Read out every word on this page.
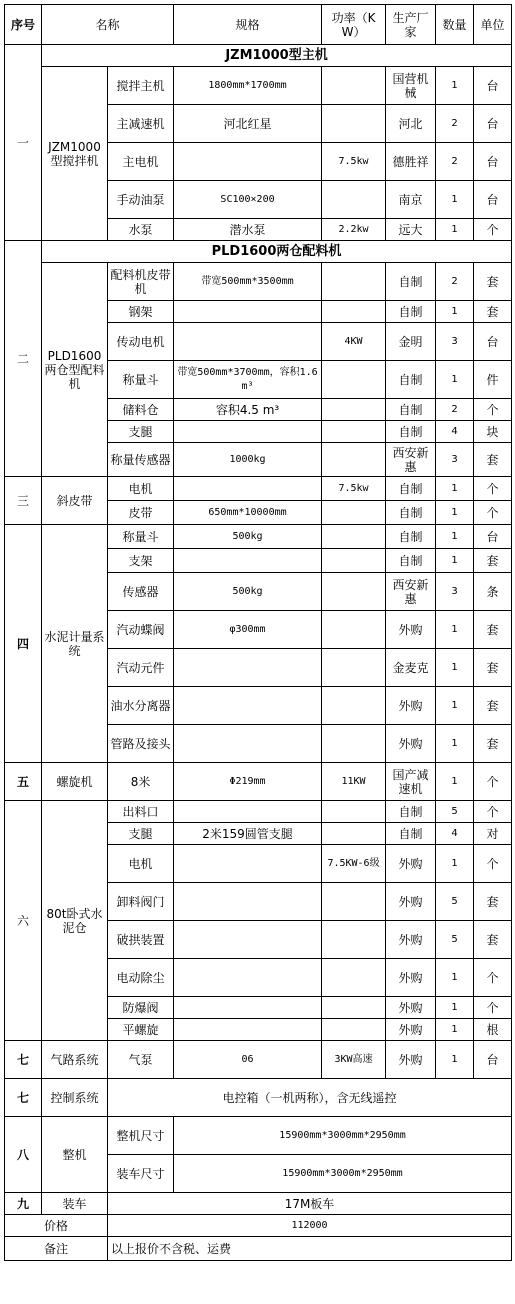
序号	名称		规格	功率（KW）	生产厂家	数量	单位
一	JZM1000型主机						
	JZM1000型搅拌机	搅拌主机	1800mm*1700mm		国营机械	1	台
		主减速机	河北红星		河北	2	台
		主电机		7.5kw	德胜祥	2	台
		手动油泵	SC100×200		南京	1	台
		水泵	潜水泵	2.2kw	远大	1	个
二	PLD1600两仓配料机						
	PLD1600两仓型配料机	配料机皮带机	带宽500mm*3500mm		自制	2	套
		钢架			自制	1	套
		传动电机		4KW	金明	3	台
		称量斗	带宽500mm*3700mm，容积1.6m³		自制	1	件
		储料仓	容积4.5 m³		自制	2	个
		支腿			自制	4	块
		称量传感器	1000kg		西安新惠	3	套
三	斜皮带	电机		7.5kw	自制	1	个
		皮带	650mm*10000mm		自制	1	个
四	水泥计量系统	称量斗	500kg		自制	1	台
		支架			自制	1	套
		传感器	500kg		西安新惠	3	条
		汽动蝶阀	φ300mm		外购	1	套
		汽动元件			金麦克	1	套
		油水分离器			外购	1	套
		管路及接头			外购	1	套
五	螺旋机	8米	Φ219mm	11KW	国产减速机	1	个
六	80t卧式水泥仓	出料口			自制	5	个
		支腿	2米159圆管支腿		自制	4	对
		电机		7.5KW-6级	外购	1	个
		卸料阀门			外购	5	套
		破拱装置			外购	5	套
		电动除尘			外购	1	个
		防爆阀			外购	1	个
		平螺旋			外购	1	根
七	气路系统	气泵	06	3KW高速	外购	1	台
七	控制系统	电控箱（一机两称），含无线遥控					
八	整机	整机尺寸	15900mm*3000mm*2950mm				
		装车尺寸	15900mm*3000m*2950mm				
九	装车	17M板车					
价格		112000					
备注		以上报价不含税、运费					
